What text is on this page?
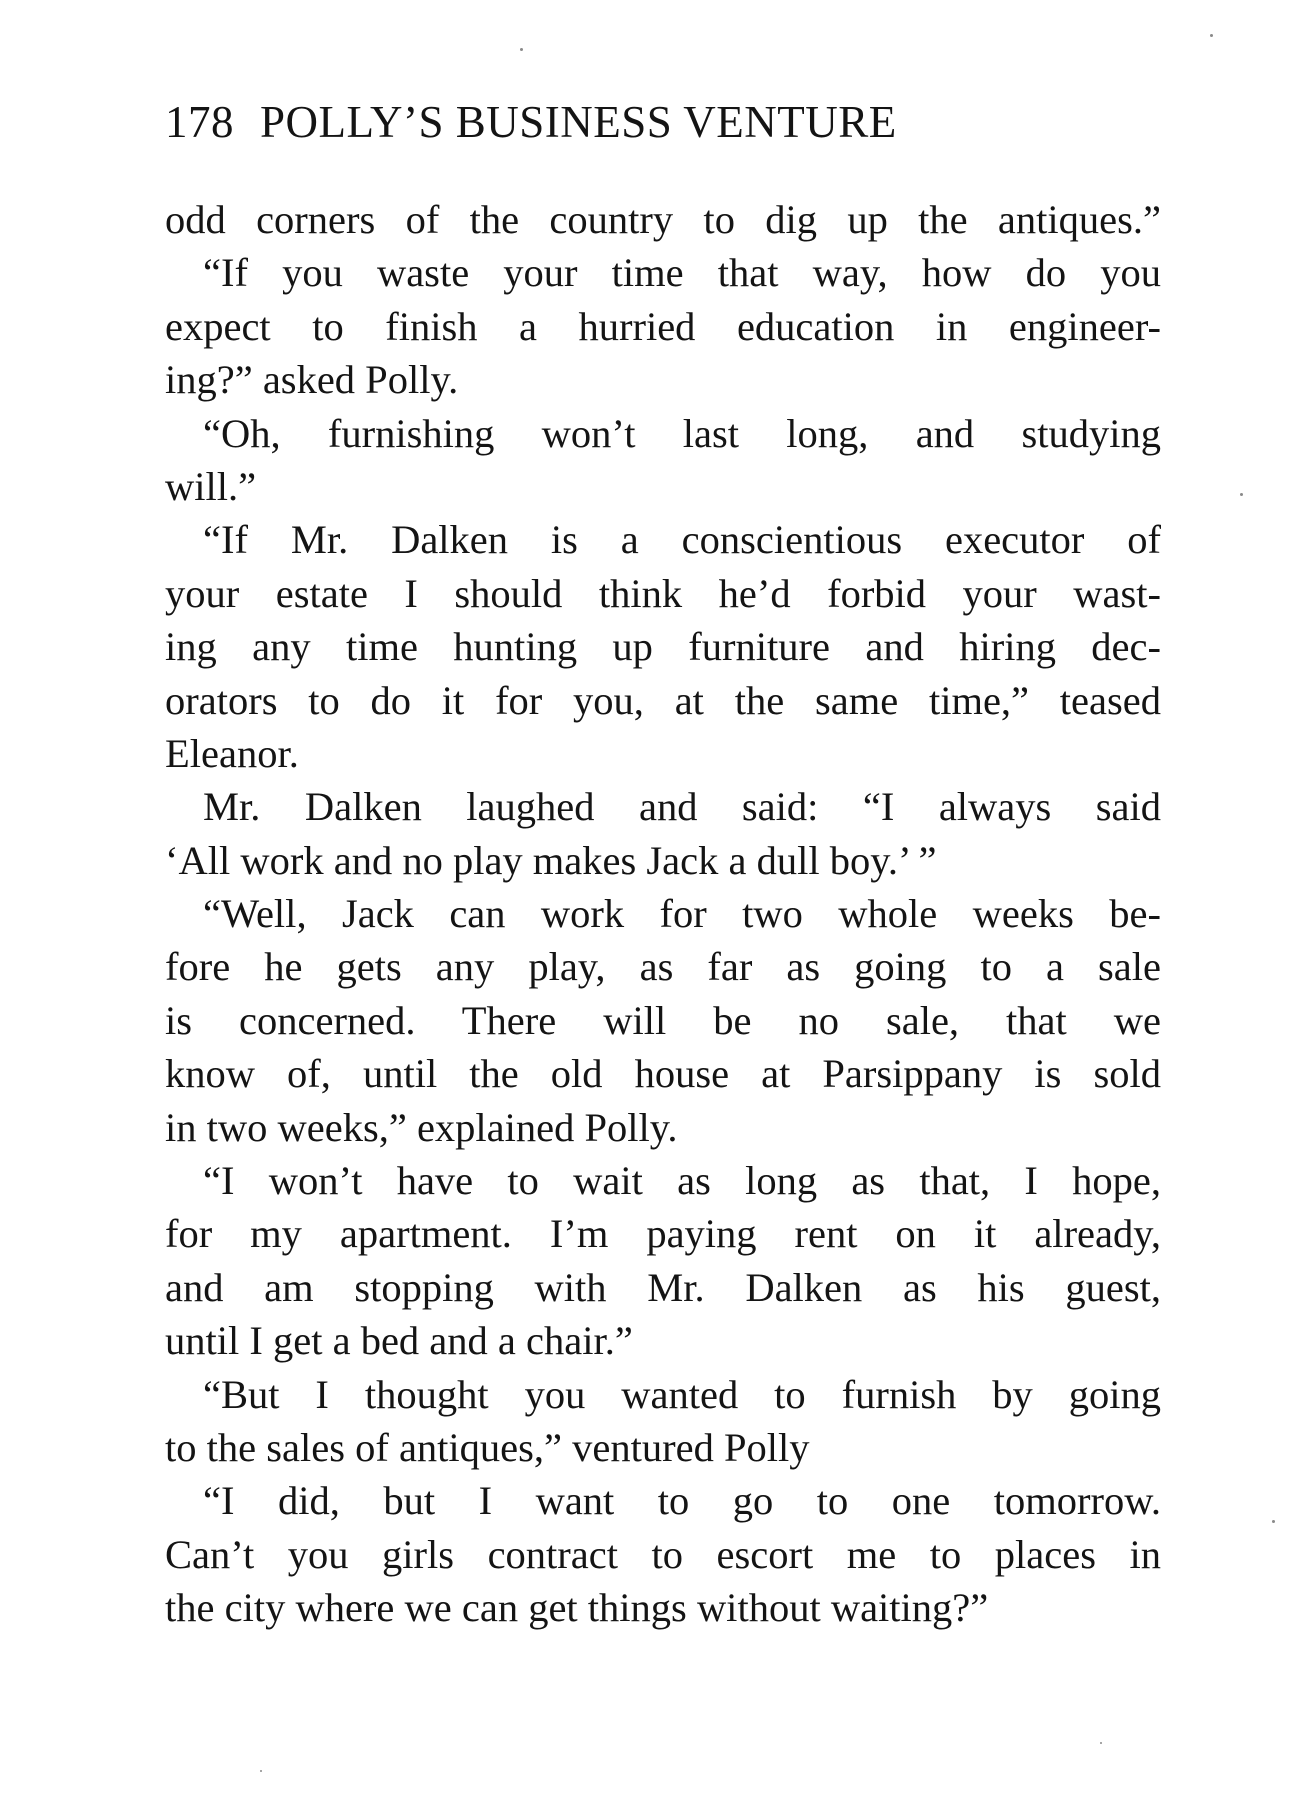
178 POLLY’S BUSINESS VENTURE
odd corners of the country to dig up the antiques.”
“If you waste your time that way, how do you
expect to finish a hurried education in engineer-
ing?” asked Polly.
“Oh, furnishing won’t last long, and studying
will.”
“If Mr. Dalken is a conscientious executor of
your estate I should think he’d forbid your wast-
ing any time hunting up furniture and hiring dec-
orators to do it for you, at the same time,” teased
Eleanor.
Mr. Dalken laughed and said: “I always said
‘All work and no play makes Jack a dull boy.’ ”
“Well, Jack can work for two whole weeks be-
fore he gets any play, as far as going to a sale
is concerned. There will be no sale, that we
know of, until the old house at Parsippany is sold
in two weeks,” explained Polly.
“I won’t have to wait as long as that, I hope,
for my apartment. I’m paying rent on it already,
and am stopping with Mr. Dalken as his guest,
until I get a bed and a chair.”
“But I thought you wanted to furnish by going
to the sales of antiques,” ventured Polly
“I did, but I want to go to one tomorrow.
Can’t you girls contract to escort me to places in
the city where we can get things without waiting?”
